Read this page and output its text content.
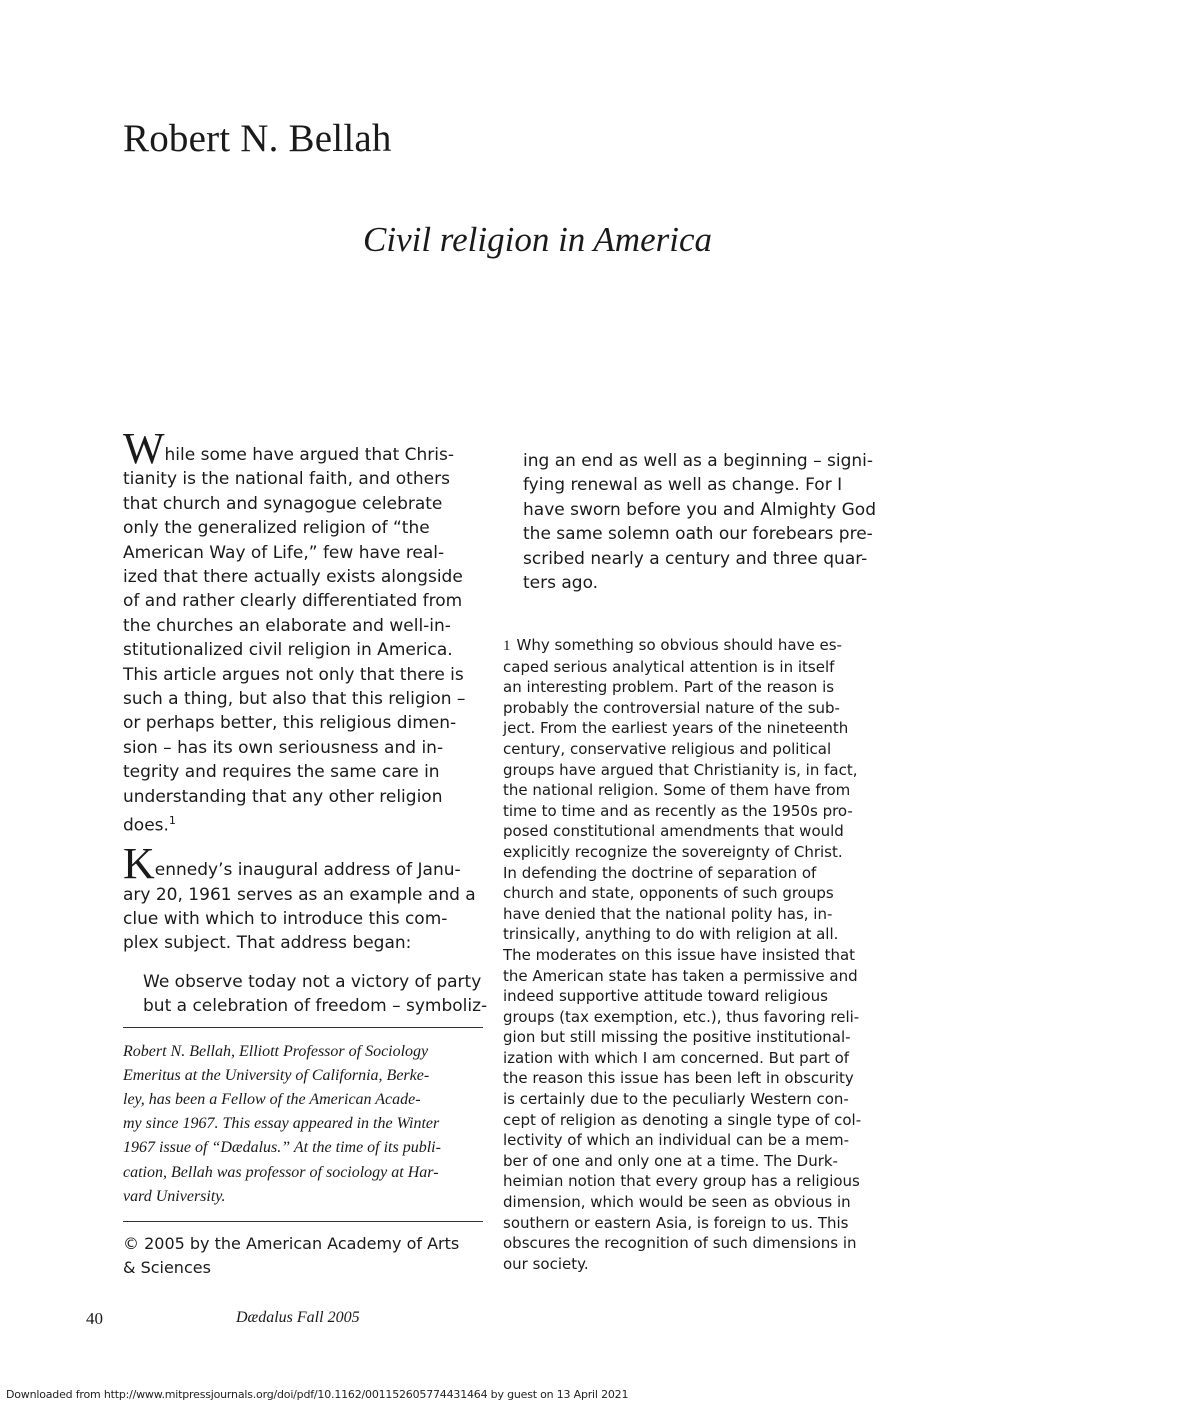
Robert N. Bellah
Civil religion in America

While some have argued that Chris-
tianity is the national faith, and others
that church and synagogue celebrate
only the generalized religion of “the
American Way of Life,” few have real-
ized that there actually exists alongside
of and rather clearly differentiated from
the churches an elaborate and well-in-
stitutionalized civil religion in America.
This article argues not only that there is
such a thing, but also that this religion –
or perhaps better, this religious dimen-
sion – has its own seriousness and in-
tegrity and requires the same care in
understanding that any other religion
does.$^1$

Kennedy’s inaugural address of Janu-
ary 20, 1961 serves as an example and a
clue with which to introduce this com-
plex subject. That address began:

We observe today not a victory of party
but a celebration of freedom – symboliz-

Robert N. Bellah, Elliott Professor of Sociology
Emeritus at the University of California, Berke-
ley, has been a Fellow of the American Acade-
my since 1967. This essay appeared in the Winter
1967 issue of “Dædalus.” At the time of its publi-
cation, Bellah was professor of sociology at Har-
vard University.
© 2005 by the American Academy of Arts
& Sciences
ing an end as well as a beginning – signi-
fying renewal as well as change. For I
have sworn before you and Almighty God
the same solemn oath our forebears pre-
scribed nearly a century and three quar-
ters ago.
1 Why something so obvious should have es-
caped serious analytical attention is in itself
an interesting problem. Part of the reason is
probably the controversial nature of the sub-
ject. From the earliest years of the nineteenth
century, conservative religious and political
groups have argued that Christianity is, in fact,
the national religion. Some of them have from
time to time and as recently as the 1950s pro-
posed constitutional amendments that would
explicitly recognize the sovereignty of Christ.
In defending the doctrine of separation of
church and state, opponents of such groups
have denied that the national polity has, in-
trinsically, anything to do with religion at all.
The moderates on this issue have insisted that
the American state has taken a permissive and
indeed supportive attitude toward religious
groups (tax exemption, etc.), thus favoring reli-
gion but still missing the positive institutional-
ization with which I am concerned. But part of
the reason this issue has been left in obscurity
is certainly due to the peculiarly Western con-
cept of religion as denoting a single type of col-
lectivity of which an individual can be a mem-
ber of one and only one at a time. The Durk-
heimian notion that every group has a religious
dimension, which would be seen as obvious in
southern or eastern Asia, is foreign to us. This
obscures the recognition of such dimensions in
our society.
40	Dædalus Fall 2005
Downloaded from http://www.mitpressjournals.org/doi/pdf/10.1162/001152605774431464 by guest on 13 April 2021
